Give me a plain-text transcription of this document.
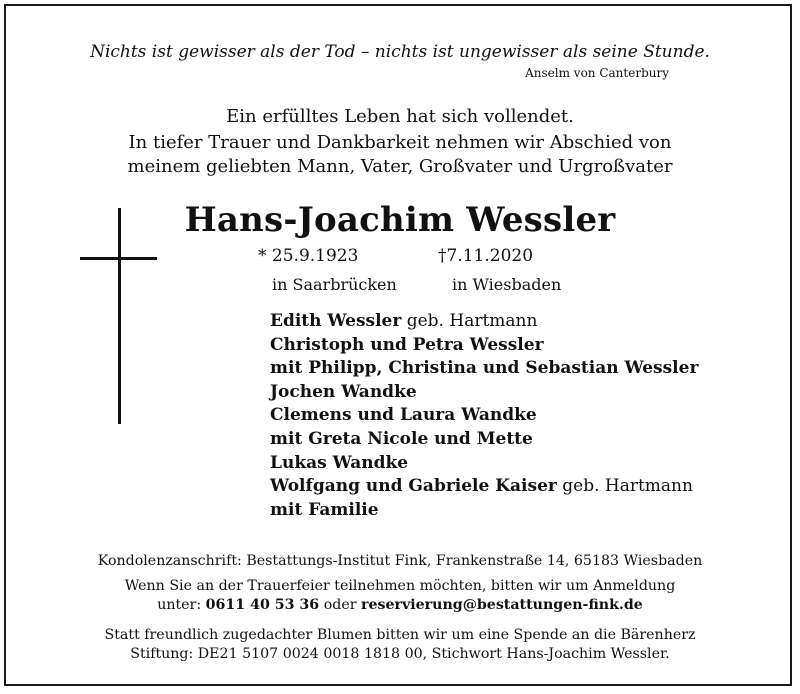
Nichts ist gewisser als der Tod – nichts ist ungewisser als seine Stunde.
Anselm von Canterbury
Ein erfülltes Leben hat sich vollendet.
In tiefer Trauer und Dankbarkeit nehmen wir Abschied von
meinem geliebten Mann, Vater, Großvater und Urgroßvater
Hans-Joachim Wessler
* 25.9.1923	†7.11.2020
in Saarbrücken	in Wiesbaden
Edith Wessler geb. Hartmann
Christoph und Petra Wessler
mit Philipp, Christina und Sebastian Wessler
Jochen Wandke
Clemens und Laura Wandke
mit Greta Nicole und Mette
Lukas Wandke
Wolfgang und Gabriele Kaiser geb. Hartmann
mit Familie
Kondolenzanschrift: Bestattungs-Institut Fink, Frankenstraße 14, 65183 Wiesbaden
Wenn Sie an der Trauerfeier teilnehmen möchten, bitten wir um Anmeldung
unter: 0611 40 53 36 oder reservierung@bestattungen-fink.de
Statt freundlich zugedachter Blumen bitten wir um eine Spende an die Bärenherz
Stiftung: DE21 5107 0024 0018 1818 00, Stichwort Hans-Joachim Wessler.
